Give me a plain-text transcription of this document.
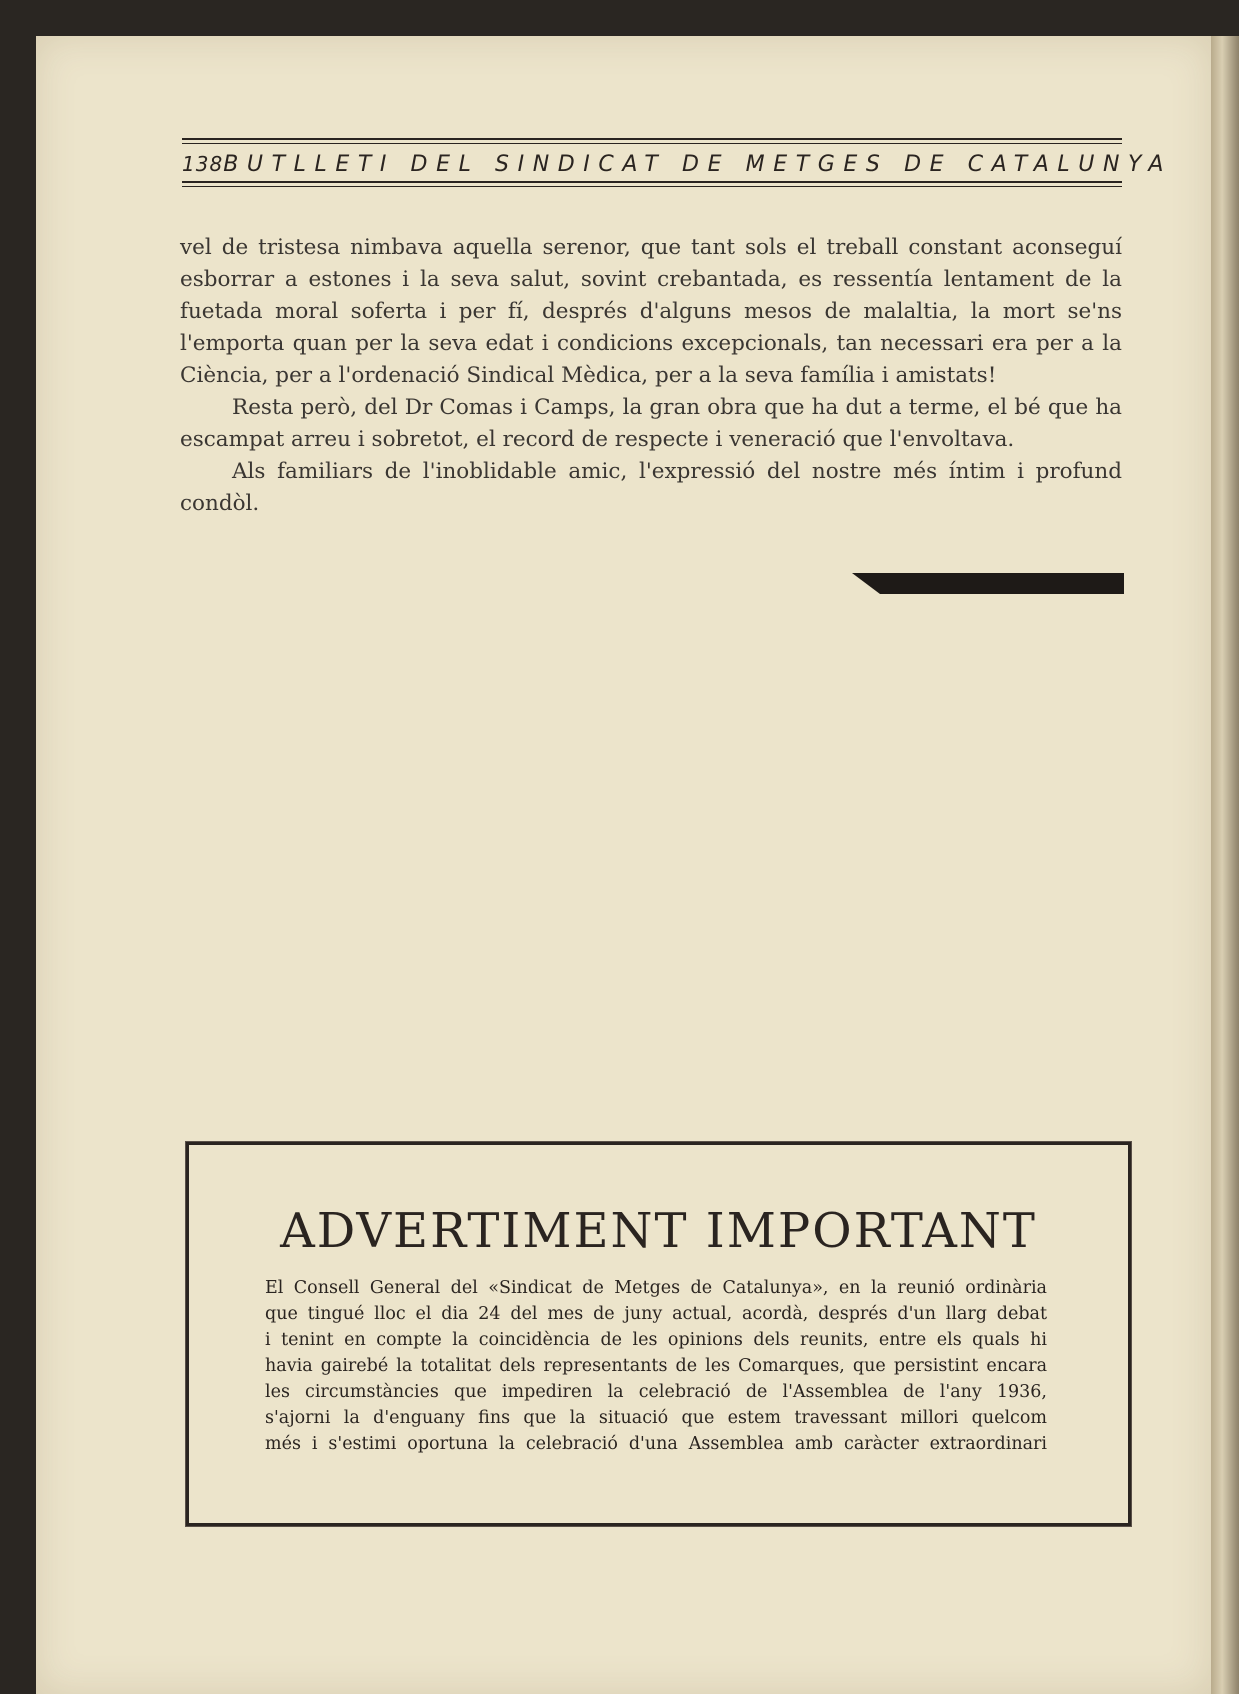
138 BUTLLETI DEL SINDICAT DE METGES DE CATALUNYA

vel de tristesa nimbava aquella serenor, que tant sols el treball constant aconseguí esborrar a estones i la seva salut, sovint crebantada, es ressentía lentament de la fuetada moral soferta i per fí, després d'alguns mesos de malaltia, la mort se'ns l'emporta quan per la seva edat i condicions excepcionals, tan necessari era per a la Ciència, per a l'ordenació Sindical Mèdica, per a la seva família i amistats!

Resta però, del Dr Comas i Camps, la gran obra que ha dut a terme, el bé que ha escampat arreu i sobretot, el record de respecte i veneració que l'envoltava.

Als familiars de l'inoblidable amic, l'expressió del nostre més íntim i profund condòl.

ADVERTIMENT IMPORTANT
El Consell General del «Sindicat de Metges de Catalunya», en la reunió ordinària
que tingué lloc el dia 24 del mes de juny actual, acordà, després d'un llarg debat
i tenint en compte la coincidència de les opinions dels reunits, entre els quals hi
havia gairebé la totalitat dels representants de les Comarques, que persistint encara
les circumstàncies que impediren la celebració de l'Assemblea de l'any 1936,
s'ajorni la d'enguany fins que la situació que estem travessant millori quelcom
més i s'estimi oportuna la celebració d'una Assemblea amb caràcter extraordinari
